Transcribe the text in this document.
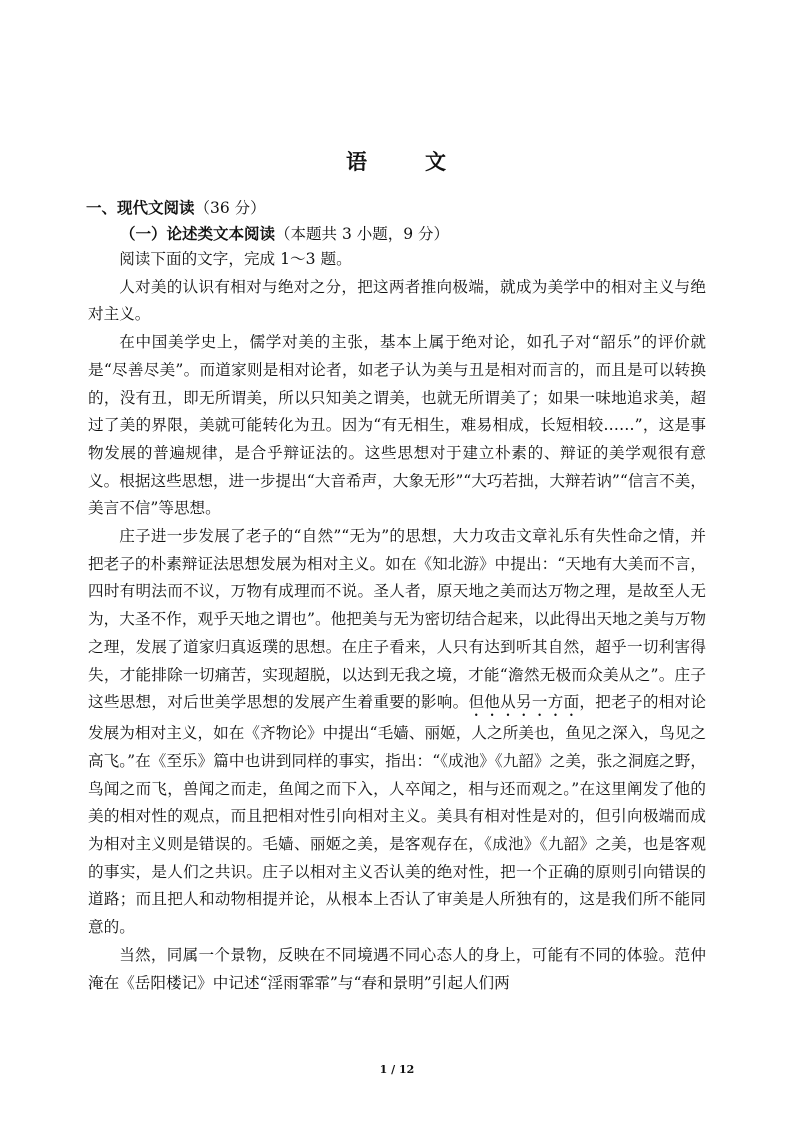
语	文
一、现代文阅读（36 分）
（一）论述类文本阅读（本题共 3 小题，9 分）

阅读下面的文字，完成 1～3 题。

人对美的认识有相对与绝对之分，把这两者推向极端，就成为美学中的相对主义与绝对主义。

在中国美学史上，儒学对美的主张，基本上属于绝对论，如孔子对“韶乐”的评价就是“尽善尽美”。而道家则是相对论者，如老子认为美与丑是相对而言的，而且是可以转换的，没有丑，即无所谓美，所以只知美之谓美，也就无所谓美了；如果一味地追求美，超过了美的界限，美就可能转化为丑。因为“有无相生，难易相成，长短相较……”，这是事物发展的普遍规律，是合乎辩证法的。这些思想对于建立朴素的、辩证的美学观很有意义。根据这些思想，进一步提出“大音希声，大象无形”“大巧若拙，大辩若讷”“信言不美，美言不信”等思想。

庄子进一步发展了老子的“自然”“无为”的思想，大力攻击文章礼乐有失性命之情，并把老子的朴素辩证法思想发展为相对主义。如在《知北游》中提出：“天地有大美而不言，四时有明法而不议，万物有成理而不说。圣人者，原天地之美而达万物之理，是故至人无为，大圣不作，观乎天地之谓也”。他把美与无为密切结合起来，以此得出天地之美与万物之理，发展了道家归真返璞的思想。在庄子看来，人只有达到听其自然，超乎一切利害得失，才能排除一切痛苦，实现超脱，以达到无我之境，才能“澹然无极而众美从之”。庄子这些思想，对后世美学思想的发展产生着重要的影响。但他从另一方面，把老子的相对论发展为相对主义，如在《齐物论》中提出“毛嫱、丽姬，人之所美也，鱼见之深入，鸟见之高飞。”在《至乐》篇中也讲到同样的事实，指出：“《成池》《九韶》之美，张之洞庭之野，鸟闻之而飞，兽闻之而走，鱼闻之而下入，人卒闻之，相与还而观之。”在这里阐发了他的美的相对性的观点，而且把相对性引向相对主义。美具有相对性是对的，但引向极端而成为相对主义则是错误的。毛嫱、丽姬之美，是客观存在，《成池》《九韶》之美，也是客观的事实，是人们之共识。庄子以相对主义否认美的绝对性，把一个正确的原则引向错误的道路；而且把人和动物相提并论，从根本上否认了审美是人所独有的，这是我们所不能同意的。

当然，同属一个景物，反映在不同境遇不同心态人的身上，可能有不同的体验。范仲淹在《岳阳楼记》中记述“淫雨霏霏”与“春和景明”引起人们两

1 / 12
